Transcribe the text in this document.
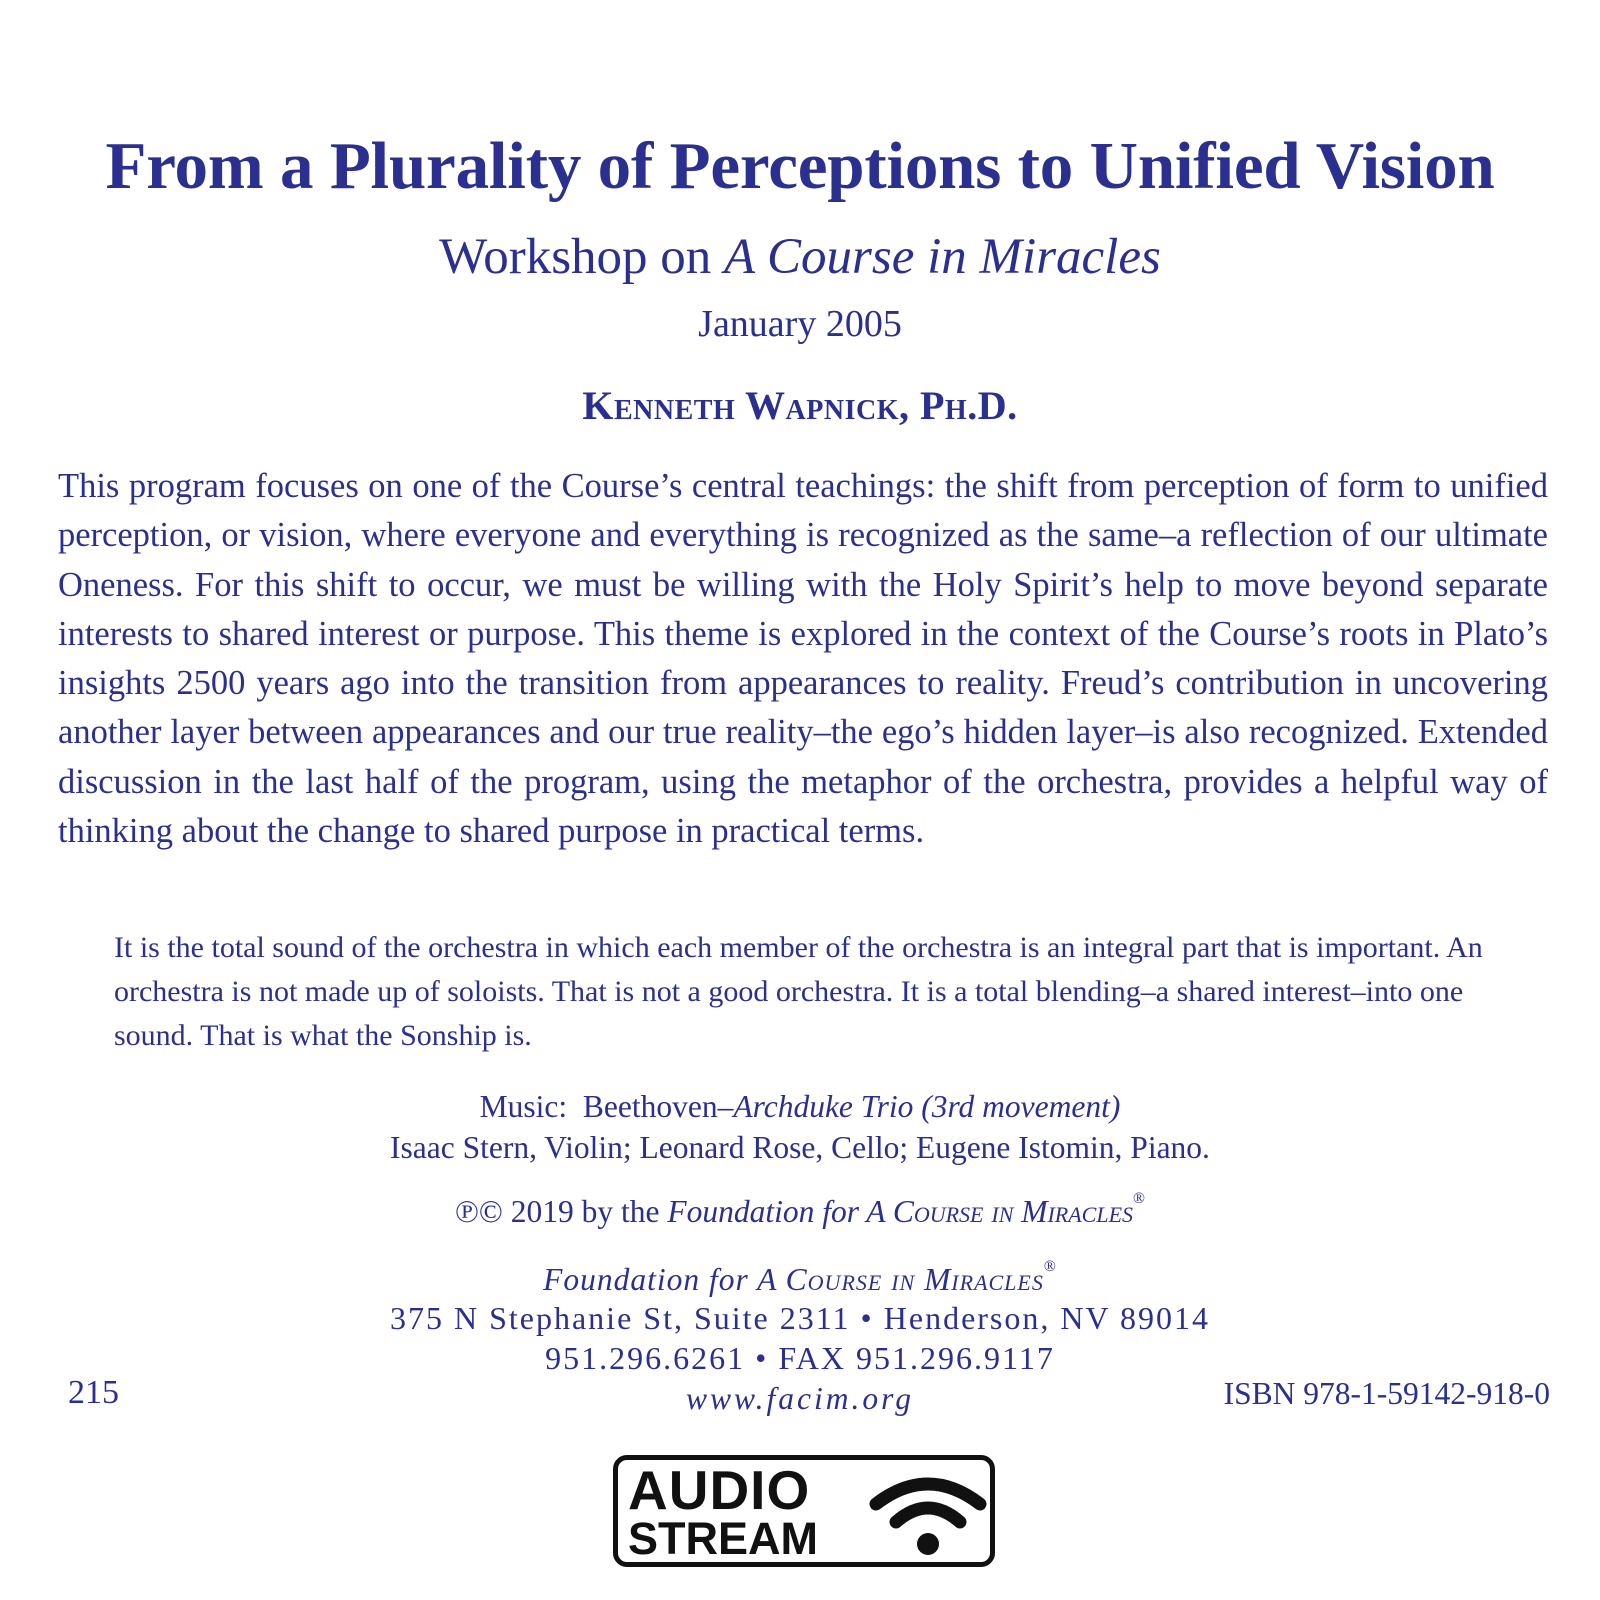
From a Plurality of Perceptions to Unified Vision
Workshop on A Course in Miracles
January 2005
Kenneth Wapnick, Ph.D.

This program focuses on one of the Course’s central teachings: the shift from perception of form to unified perception, or vision, where everyone and everything is recognized as the same–a reflection of our ultimate Oneness. For this shift to occur, we must be willing with the Holy Spirit’s help to move beyond separate interests to shared interest or purpose. This theme is explored in the context of the Course’s roots in Plato’s insights 2500 years ago into the transition from appearances to reality. Freud’s contribution in uncovering another layer between appearances and our true reality–the ego’s hidden layer–is also recognized. Extended discussion in the last half of the program, using the metaphor of the orchestra, provides a helpful way of thinking about the change to shared purpose in practical terms.

It is the total sound of the orchestra in which each member of the orchestra is an integral part that is important. An orchestra is not made up of soloists. That is not a good orchestra. It is a total blending–a shared interest–into one sound. That is what the Sonship is.

Music: Beethoven–Archduke Trio (3rd movement)
Isaac Stern, Violin; Leonard Rose, Cello; Eugene Istomin, Piano.
℗© 2019 by the Foundation for A Course in Miracles®
Foundation for A Course in Miracles®
375 N Stephanie St, Suite 2311 • Henderson, NV 89014
951.296.6261 • FAX 951.296.9117
www.facim.org
215	ISBN 978-1-59142-918-0
AUDIO
STREAM
